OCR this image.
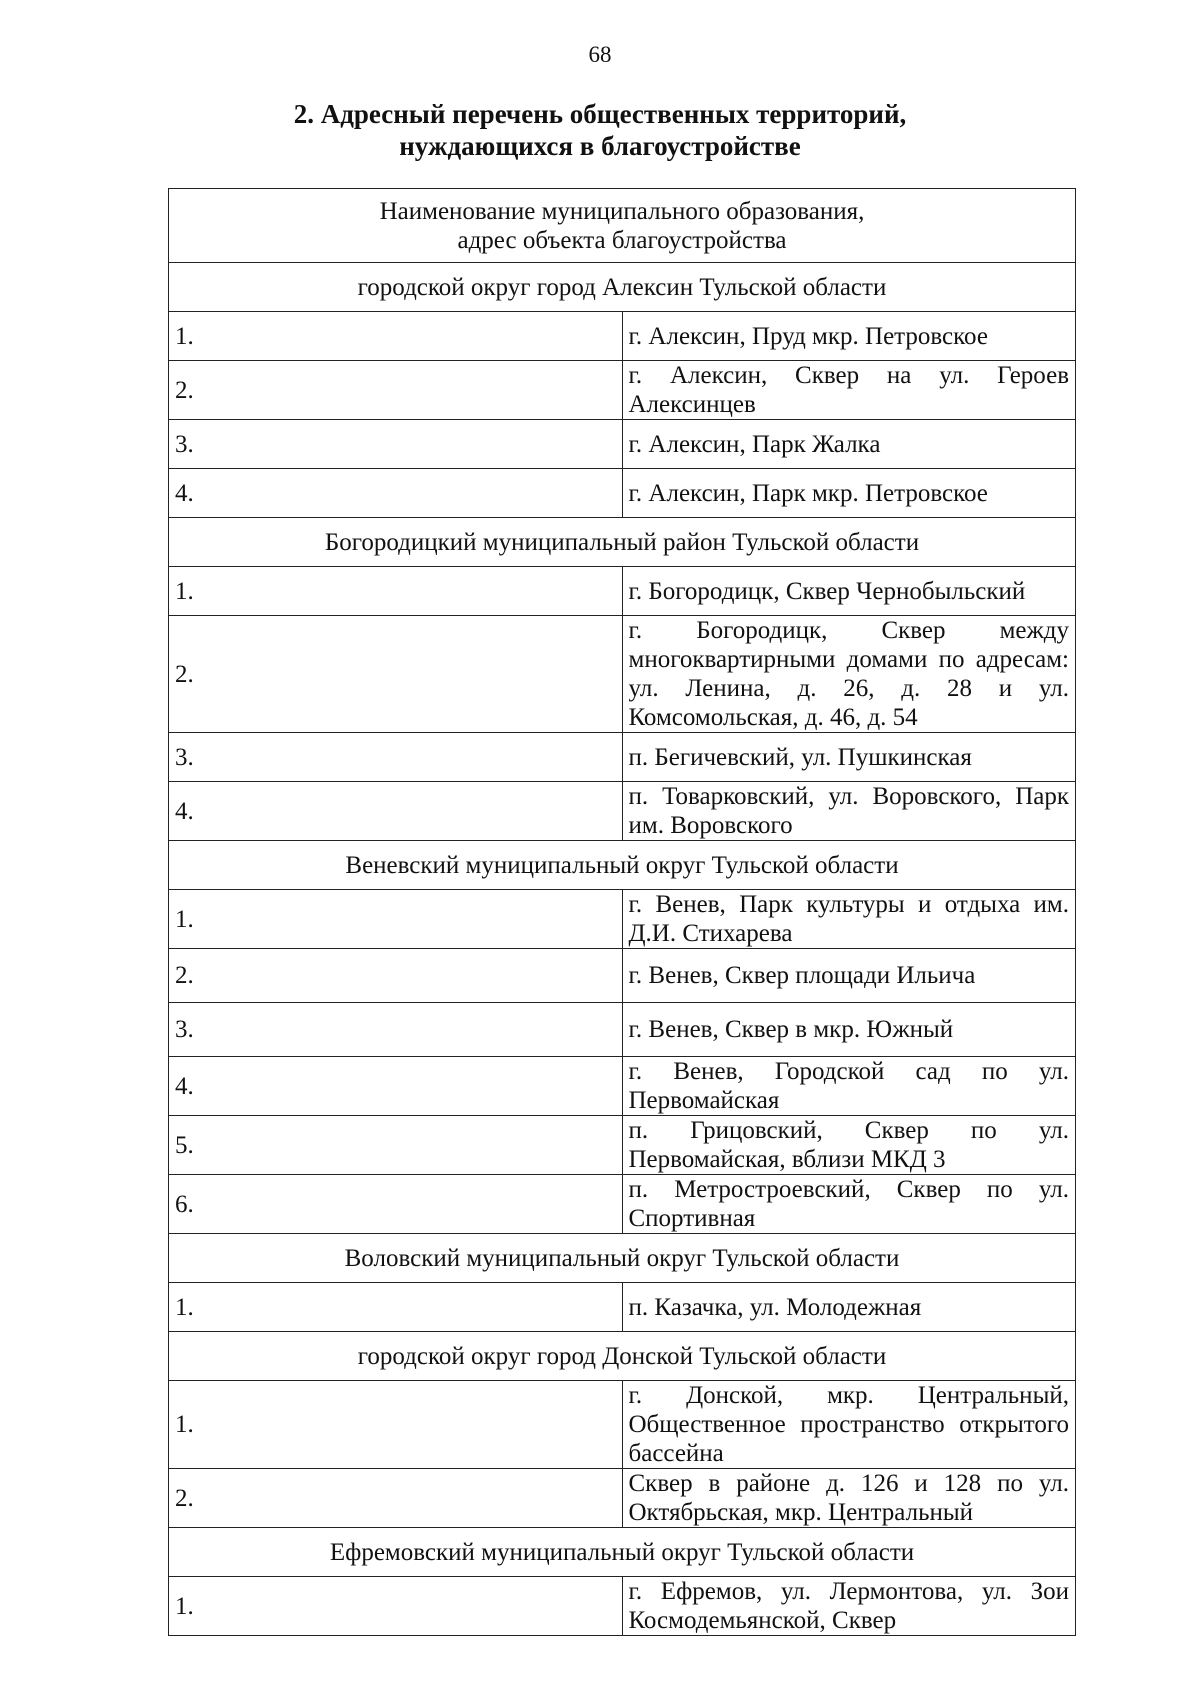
68
2. Адресный перечень общественных территорий,
нуждающихся в благоустройстве
Наименование муниципального образования,
адрес объекта благоустройства	

городской округ город Алексин Тульской области	
1.	г. Алексин, Пруд мкр. Петровское
2.	г. Алексин, Сквер на ул. Героев Алексинцев
3.	г. Алексин, Парк Жалка
4.	г. Алексин, Парк мкр. Петровское
Богородицкий муниципальный район Тульской области	
1.	г. Богородицк, Сквер Чернобыльский
2.	г. Богородицк, Сквер между многоквартирными домами по адресам: ул. Ленина, д. 26, д. 28 и ул. Комсомольская, д. 46, д. 54
3.	п. Бегичевский, ул. Пушкинская
4.	п. Товарковский, ул. Воровского, Парк им. Воровского
Веневский муниципальный округ Тульской области	
1.	г. Венев, Парк культуры и отдыха им. Д.И. Стихарева
2.	г. Венев, Сквер площади Ильича
3.	г. Венев, Сквер в мкр. Южный
4.	г. Венев, Городской сад по ул. Первомайская
5.	п. Грицовский, Сквер по ул. Первомайская, вблизи МКД 3
6.	п. Метростроевский, Сквер по ул. Спортивная
Воловский муниципальный округ Тульской области	
1.	п. Казачка, ул. Молодежная
городской округ город Донской Тульской области	
1.	г. Донской, мкр. Центральный, Общественное пространство открытого бассейна
2.	Сквер в районе д. 126 и 128 по ул. Октябрьская, мкр. Центральный
Ефремовский муниципальный округ Тульской области	
1.	г. Ефремов, ул. Лермонтова, ул. Зои Космодемьянской, Сквер
